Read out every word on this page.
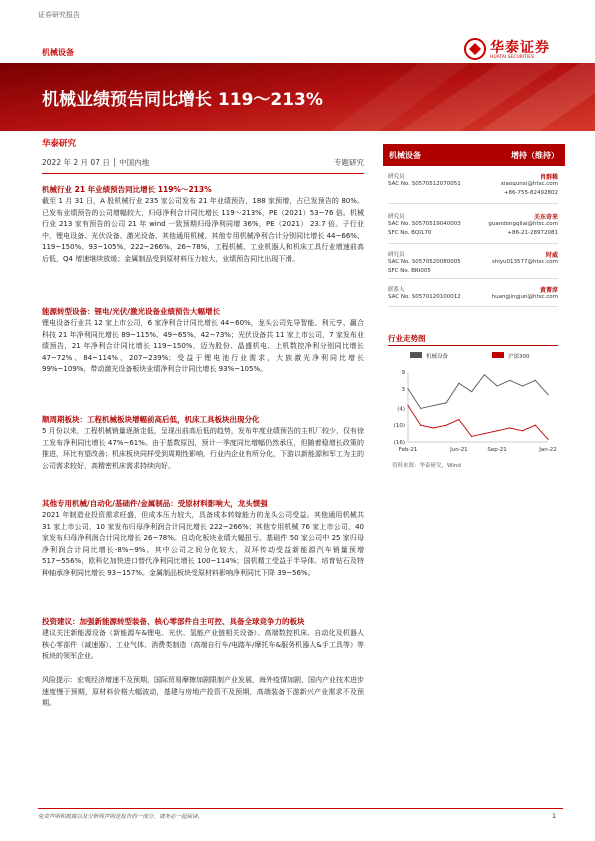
证券研究报告
机械设备	华泰证券
HUATAI SECURITIES
机械业绩预告同比增长 119～213%
华泰研究
2022 年 2 月 07 日 │ 中国内地	专题研究
机械行业 21 年业绩预告同比增长 119%～213%
截至 1 月 31 日，A 股机械行业 235 家公司发布 21 年业绩预告，188 家预增，占已发预告的 80%。已发布业绩预告的公司增幅较大，归母净利合计同比增长 119～213%，PE（2021）53~76 倍。机械行业 213 家有预告的公司 21 年 wind 一致预期归母净利同增 36%，PE（2021） 23.7 倍。子行业中，锂电设备、光伏设备、激光设备、其他通用机械、其他专用机械净利合计分别同比增长 44~66%、119~150%、93~105%、222~266%、26~78%，工程机械、工业机器人和机床工具行业增速前高后低，Q4 增速继续放缓；金属制品受到原材料压力较大，业绩预告同比出现下滑。
能源转型设备：锂电/光伏/激光设备业绩预告大幅增长
锂电设备行业共 12 家上市公司，6 家净利合计同比增长 44~60%，龙头公司先导智能、利元亨、赢合科技 21 年净利同比增长 89~115%、49~65%、42~73%；光伏设备共 11 家上市公司，7 家发布业绩预告，21 年净利合计同比增长 119~150%，迈为股份、晶盛机电、上机数控净利分别同比增长 47~72%、84~114%、207~239%；受益于锂电池行业需求，大族激光净利同比增长 99%~109%，带动激光设备板块业绩净利合计同比增长 93%~105%。
顺周期板块：工程机械板块增幅前高后低，机床工具板块出现分化
5 月份以来，工程机械销量逐渐走低，呈现出前高后低的趋势，发布年度业绩预告的主机厂较少，仅有徐工发布净利同比增长 47%~61%。由于基数原因，预计一季度同比增幅仍然承压，但随着稳增长政策的推进，环比有望改善；机床板块同样受到周期性影响，行业内企业有所分化，下游以新能源和军工为主的公司需求较好，高精密机床需求持续向好。
其他专用机械/自动化/基础件/金属制品：受原材料影响大，龙头惯强
2021 年制造业投资需求旺盛，但成本压力较大，具备成本转嫁能力的龙头公司受益。其他通用机械共 31 家上市公司，10 家发布归母净利润合计同比增长 222~266%；其他专用机械 76 家上市公司，40 家发布归母净利润合计同比增长 26~78%。自动化板块业绩大幅扭亏。基础件 50 家公司中 25 家归母净利润合计同比增长-8%~9%。其中公司之间分化较大，双环传动受益新能源汽车销量预增 517~556%，欧科亿加快进口替代净利同比增长 100~114%；国机精工受益于半导体、培育钻石及特种轴承净利同比增长 93~157%。金属制品板块受原材料影响净利同比下降 39~56%。
投资建议：加强新能源转型装备、核心零部件自主可控、具备全球竞争力的板块
建议关注新能源设备（新能源车&锂电、光伏、氢能产业链相关设备）、高端数控机床、自动化及机器人核心零部件（减速器）、工业气体、消费类制造（高端自行车/电踏车/摩托车&服务机器人&手工具等）等板块的领军企业。
风险提示：宏观经济增速不及预期，国际贸易摩擦加剧限制产业发展，海外疫情加剧，国内产业技术进步速度慢于预期，原材料价格大幅波动，基建与房地产投资不及预期，高端装备下游新兴产业需求不及预期。
机械设备	增持（维持）
研究员	肖群稀
SAC No. S0570512070051	xiaoqunxi@htsc.com
+86-755-82492802
研究员	关东奇来
SAC No. S0570519040003	guandongqilai@htsc.com
SFC No. BQI170	+86-21-28972081
研究员	时威
SAC No. S0570520080005	shiyu013577@htsc.com
SFC No. BRI005
联系人	黄菁淳
SAC No. S0570120100012	huangjingjun@htsc.com
行业走势图
机械设备	沪深300
9
3
(4)
(10)
(16)
Feb-21	Jun-21	Sep-21	Jan-22
资料来源：华泰研究，Wind
免责声明和披露以及分析师声明是报告的一部分，请务必一起阅读。	1
